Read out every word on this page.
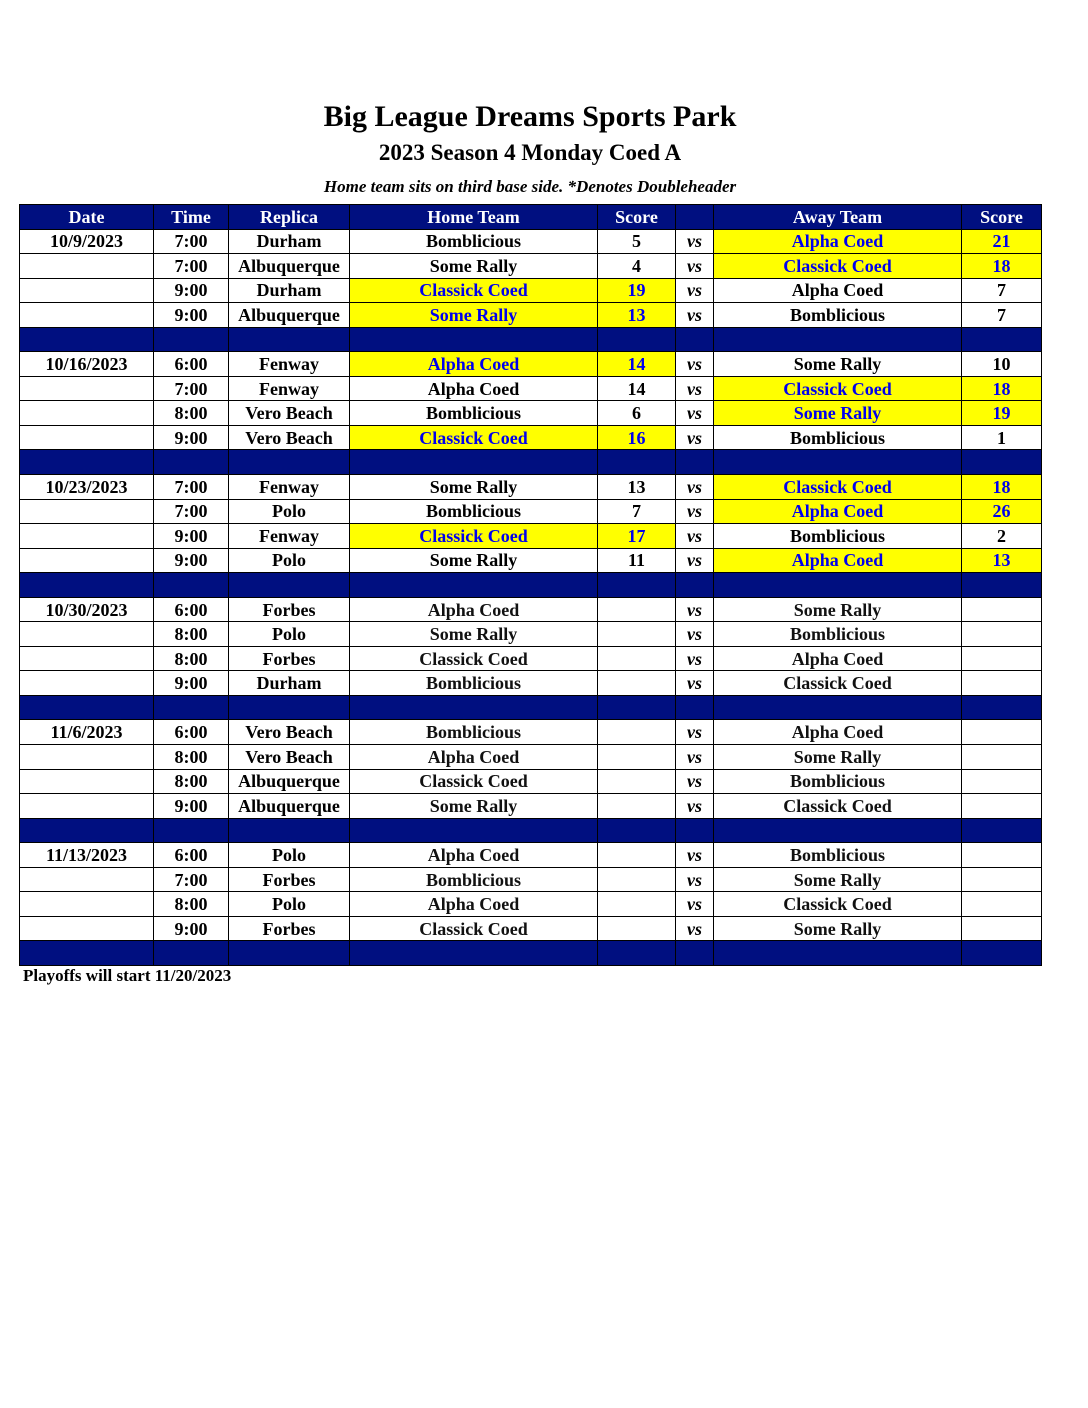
Big League Dreams Sports Park
2023 Season 4 Monday Coed A
Home team sits on third base side. *Denotes Doubleheader
Date	Time	Replica	Home Team	Score		Away Team	Score
10/9/2023	7:00	Durham	Bomblicious	5	vs	Alpha Coed	21
	7:00	Albuquerque	Some Rally	4	vs	Classick Coed	18
	9:00	Durham	Classick Coed	19	vs	Alpha Coed	7
	9:00	Albuquerque	Some Rally	13	vs	Bomblicious	7

10/16/2023	6:00	Fenway	Alpha Coed	14	vs	Some Rally	10
	7:00	Fenway	Alpha Coed	14	vs	Classick Coed	18
	8:00	Vero Beach	Bomblicious	6	vs	Some Rally	19
	9:00	Vero Beach	Classick Coed	16	vs	Bomblicious	1

10/23/2023	7:00	Fenway	Some Rally	13	vs	Classick Coed	18
	7:00	Polo	Bomblicious	7	vs	Alpha Coed	26
	9:00	Fenway	Classick Coed	17	vs	Bomblicious	2
	9:00	Polo	Some Rally	11	vs	Alpha Coed	13

10/30/2023	6:00	Forbes	Alpha Coed		vs	Some Rally	
	8:00	Polo	Some Rally		vs	Bomblicious	
	8:00	Forbes	Classick Coed		vs	Alpha Coed	
	9:00	Durham	Bomblicious		vs	Classick Coed	

11/6/2023	6:00	Vero Beach	Bomblicious		vs	Alpha Coed	
	8:00	Vero Beach	Alpha Coed		vs	Some Rally	
	8:00	Albuquerque	Classick Coed		vs	Bomblicious	
	9:00	Albuquerque	Some Rally		vs	Classick Coed	

11/13/2023	6:00	Polo	Alpha Coed		vs	Bomblicious	
	7:00	Forbes	Bomblicious		vs	Some Rally	
	8:00	Polo	Alpha Coed		vs	Classick Coed	
	9:00	Forbes	Classick Coed		vs	Some Rally	

Playoffs will start 11/20/2023
